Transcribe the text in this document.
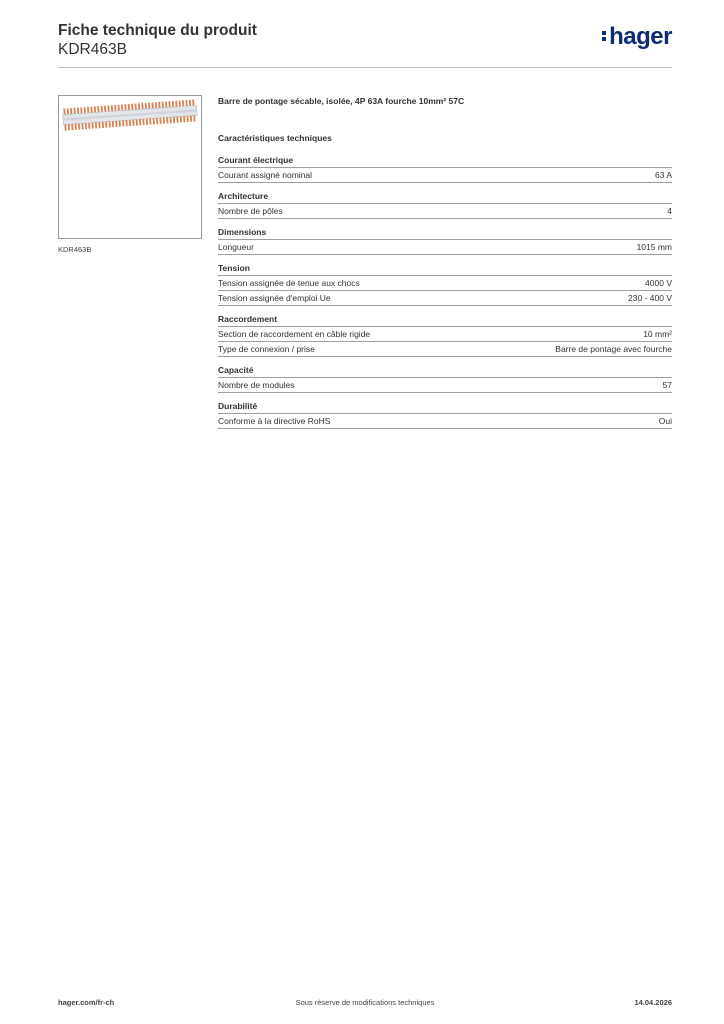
Fiche technique du produit
KDR463B	hager
KDR463B
Barre de pontage sécable, isolée, 4P 63A fourche 10mm² 57C
Caractéristiques techniques
Courant électrique
Courant assigné nominal	63 A
Architecture
Nombre de pôles	4
Dimensions
Longueur	1015 mm
Tension
Tension assignée de tenue aux chocs	4000 V
Tension assignée d'emploi Ue	230 - 400 V
Raccordement
Section de raccordement en câble rigide	10 mm²
Type de connexion / prise	Barre de pontage avec fourche
Capacité
Nombre de modules	57
Durabilité
Conforme à la directive RoHS	Oui
hager.com/fr-ch	Sous réserve de modifications techniques	14.04.2026
